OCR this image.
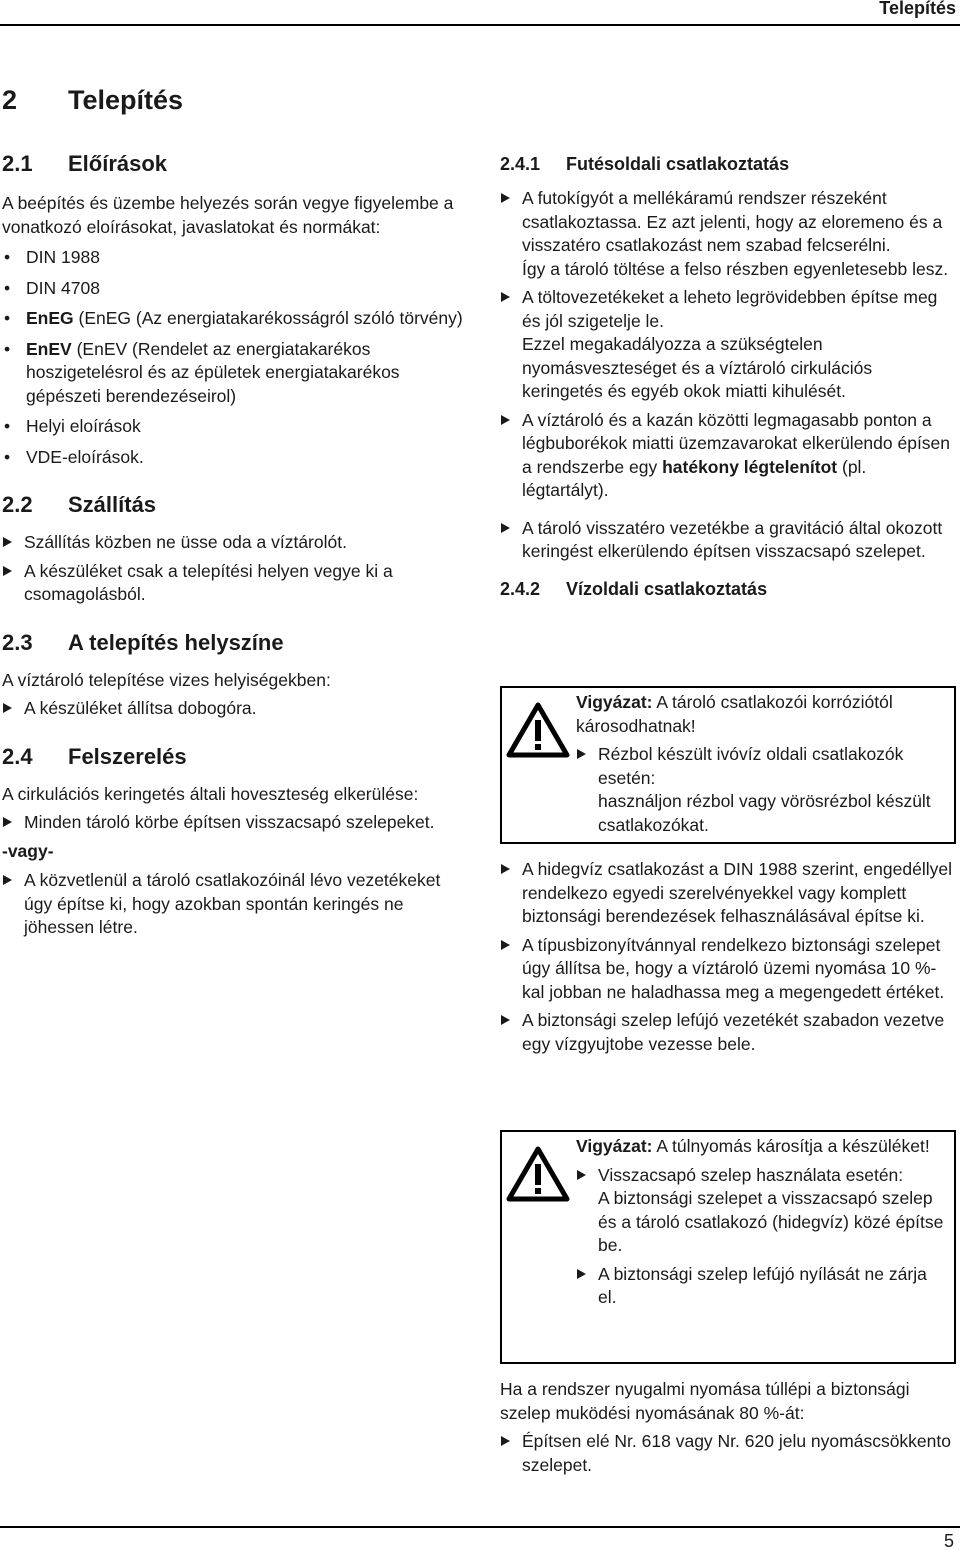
Telepítés
2 Telepítés
2.1 Előírások
A beépítés és üzembe helyezés során vegye figyelembe a vonatkozó eloírásokat, javaslatokat és normákat:
• DIN 1988
• DIN 4708
• EnEG (EnEG (Az energiatakarékosságról szóló törvény)
• EnEV (EnEV (Rendelet az energiatakarékos hoszigetelésrol és az épületek energiatakarékos gépészeti berendezéseirol)
• Helyi eloírások
• VDE-eloírások.
2.2 Szállítás
Szállítás közben ne üsse oda a víztárolót.
A készüléket csak a telepítési helyen vegye ki a csomagolásból.
2.3 A telepítés helyszíne
A víztároló telepítése vizes helyiségekben:
A készüléket állítsa dobogóra.
2.4 Felszerelés
A cirkulációs keringetés általi hoveszteség elkerülése:
Minden tároló körbe építsen visszacsapó szelepeket.
-vagy-
A közvetlenül a tároló csatlakozóinál lévo vezetékeket úgy építse ki, hogy azokban spontán keringés ne jöhessen létre.
2.4.1 Futésoldali csatlakoztatás
A futokígyót a mellékáramú rendszer részeként csatlakoztassa. Ez azt jelenti, hogy az eloremeno és a visszatéro csatlakozást nem szabad felcserélni.
Így a tároló töltése a felso részben egyenletesebb lesz.
A töltovezetékeket a leheto legrövidebben építse meg és jól szigetelje le.
Ezzel megakadályozza a szükségtelen nyomásveszteséget és a víztároló cirkulációs keringetés és egyéb okok miatti kihulését.
A víztároló és a kazán közötti legmagasabb ponton a légbuborékok miatti üzemzavarokat elkerülendo épísen a rendszerbe egy hatékony légtelenítot (pl. légtartályt).
A tároló visszatéro vezetékbe a gravitáció által okozott keringést elkerülendo építsen visszacsapó szelepet.
2.4.2 Vízoldali csatlakoztatás
Vigyázat: A tároló csatlakozói korróziótól károsodhatnak!
Rézbol készült ivóvíz oldali csatlakozók esetén:
használjon rézbol vagy vörösrézbol készült csatlakozókat.
A hidegvíz csatlakozást a DIN 1988 szerint, engedéllyel rendelkezo egyedi szerelvényekkel vagy komplett biztonsági berendezések felhasználásával építse ki.
A típusbizonyítvánnyal rendelkezo biztonsági szelepet úgy állítsa be, hogy a víztároló üzemi nyomása 10 %-kal jobban ne haladhassa meg a megengedett értéket.
A biztonsági szelep lefújó vezetékét szabadon vezetve egy vízgyujtobe vezesse bele.
Vigyázat: A túlnyomás károsítja a készüléket!
Visszacsapó szelep használata esetén:
A biztonsági szelepet a visszacsapó szelep és a tároló csatlakozó (hidegvíz) közé építse be.
A biztonsági szelep lefújó nyílását ne zárja el.
Ha a rendszer nyugalmi nyomása túllépi a biztonsági szelep muködési nyomásának 80 %-át:
Építsen elé Nr. 618 vagy Nr. 620 jelu nyomáscsökkento szelepet.
5
